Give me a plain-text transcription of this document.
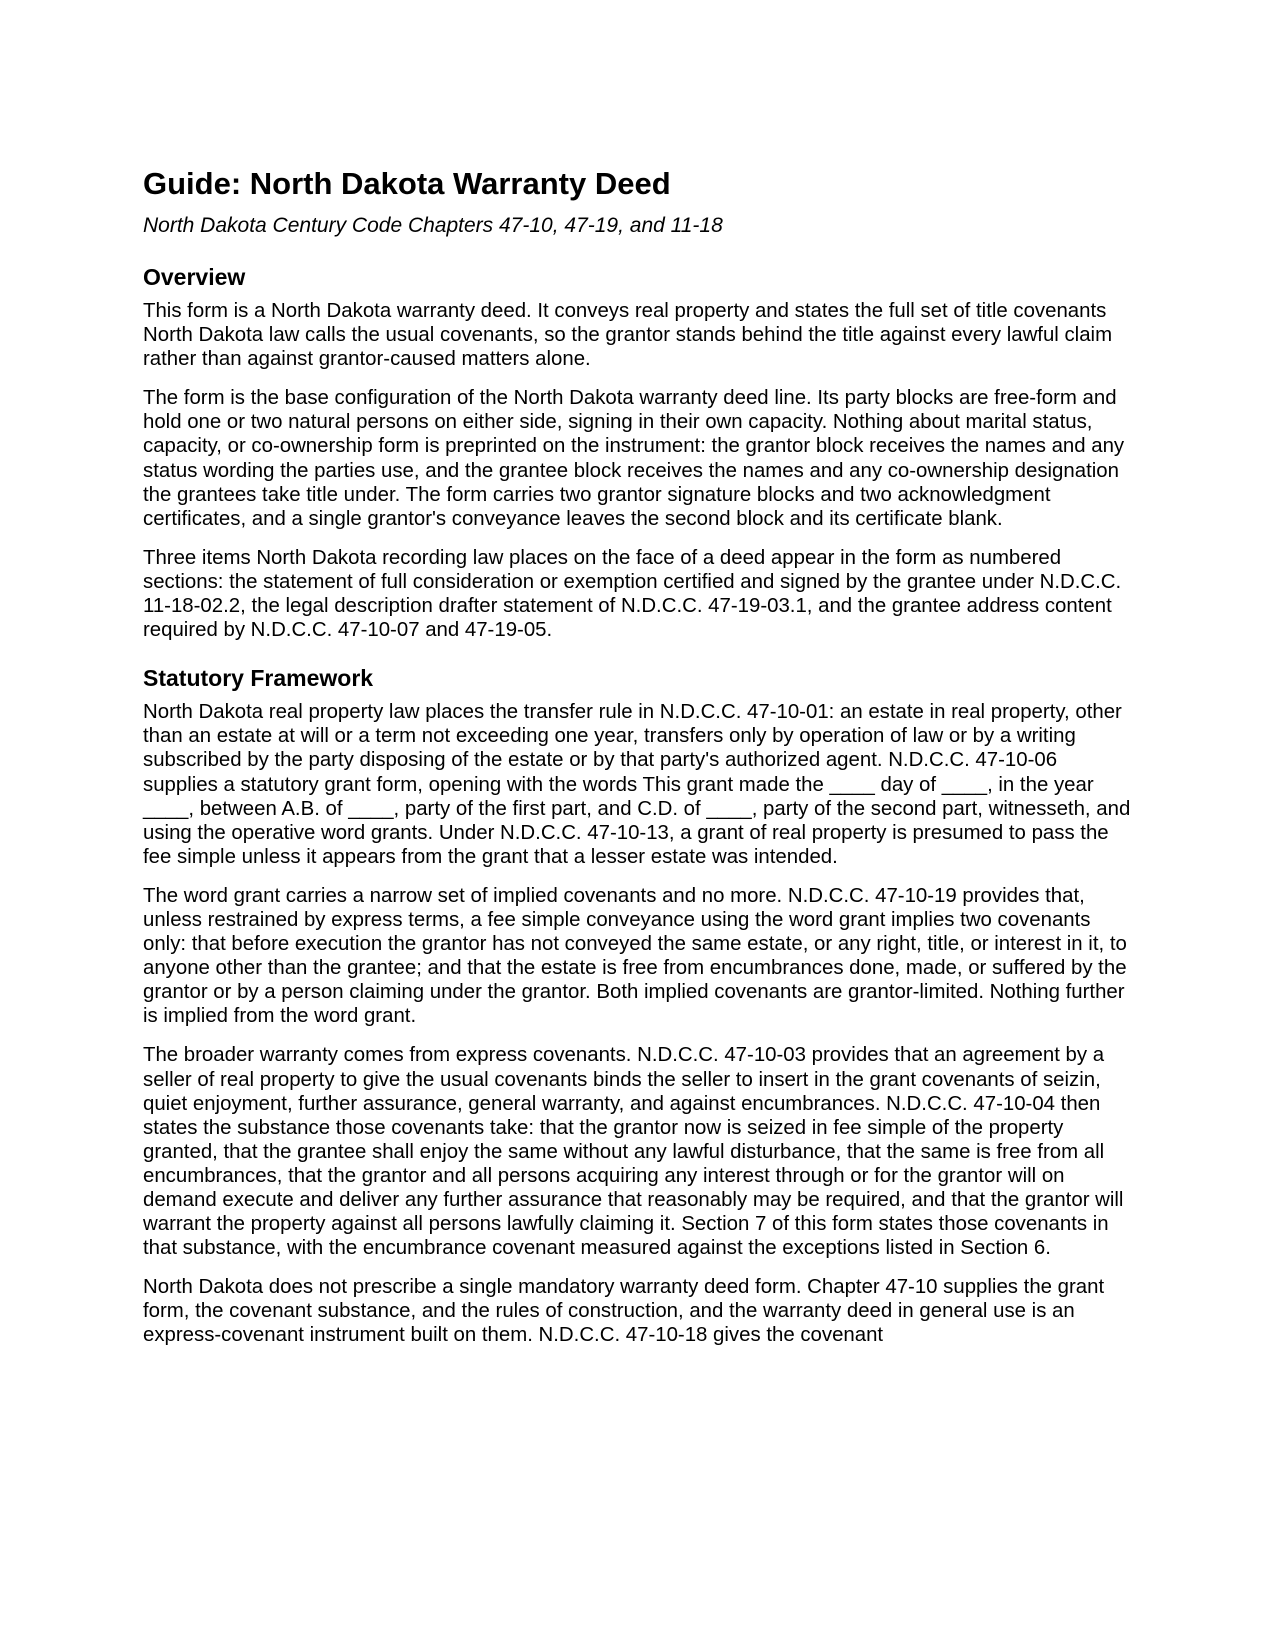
Guide: North Dakota Warranty Deed

North Dakota Century Code Chapters 47-10, 47-19, and 11-18

Overview

This form is a North Dakota warranty deed. It conveys real property and states the full set of title covenants North Dakota law calls the usual covenants, so the grantor stands behind the title against every lawful claim rather than against grantor-caused matters alone.

The form is the base configuration of the North Dakota warranty deed line. Its party blocks are free-form and hold one or two natural persons on either side, signing in their own capacity. Nothing about marital status, capacity, or co-ownership form is preprinted on the instrument: the grantor block receives the names and any status wording the parties use, and the grantee block receives the names and any co-ownership designation the grantees take title under. The form carries two grantor signature blocks and two acknowledgment certificates, and a single grantor's conveyance leaves the second block and its certificate blank.

Three items North Dakota recording law places on the face of a deed appear in the form as numbered sections: the statement of full consideration or exemption certified and signed by the grantee under N.D.C.C. 11-18-02.2, the legal description drafter statement of N.D.C.C. 47-19-03.1, and the grantee address content required by N.D.C.C. 47-10-07 and 47-19-05.

Statutory Framework

North Dakota real property law places the transfer rule in N.D.C.C. 47-10-01: an estate in real property, other than an estate at will or a term not exceeding one year, transfers only by operation of law or by a writing subscribed by the party disposing of the estate or by that party's authorized agent. N.D.C.C. 47-10-06 supplies a statutory grant form, opening with the words This grant made the ____ day of ____, in the year ____, between A.B. of ____, party of the first part, and C.D. of ____, party of the second part, witnesseth, and using the operative word grants. Under N.D.C.C. 47-10-13, a grant of real property is presumed to pass the fee simple unless it appears from the grant that a lesser estate was intended.

The word grant carries a narrow set of implied covenants and no more. N.D.C.C. 47-10-19 provides that, unless restrained by express terms, a fee simple conveyance using the word grant implies two covenants only: that before execution the grantor has not conveyed the same estate, or any right, title, or interest in it, to anyone other than the grantee; and that the estate is free from encumbrances done, made, or suffered by the grantor or by a person claiming under the grantor. Both implied covenants are grantor-limited. Nothing further is implied from the word grant.

The broader warranty comes from express covenants. N.D.C.C. 47-10-03 provides that an agreement by a seller of real property to give the usual covenants binds the seller to insert in the grant covenants of seizin, quiet enjoyment, further assurance, general warranty, and against encumbrances. N.D.C.C. 47-10-04 then states the substance those covenants take: that the grantor now is seized in fee simple of the property granted, that the grantee shall enjoy the same without any lawful disturbance, that the same is free from all encumbrances, that the grantor and all persons acquiring any interest through or for the grantor will on demand execute and deliver any further assurance that reasonably may be required, and that the grantor will warrant the property against all persons lawfully claiming it. Section 7 of this form states those covenants in that substance, with the encumbrance covenant measured against the exceptions listed in Section 6.

North Dakota does not prescribe a single mandatory warranty deed form. Chapter 47-10 supplies the grant form, the covenant substance, and the rules of construction, and the warranty deed in general use is an express-covenant instrument built on them. N.D.C.C. 47-10-18 gives the covenant
